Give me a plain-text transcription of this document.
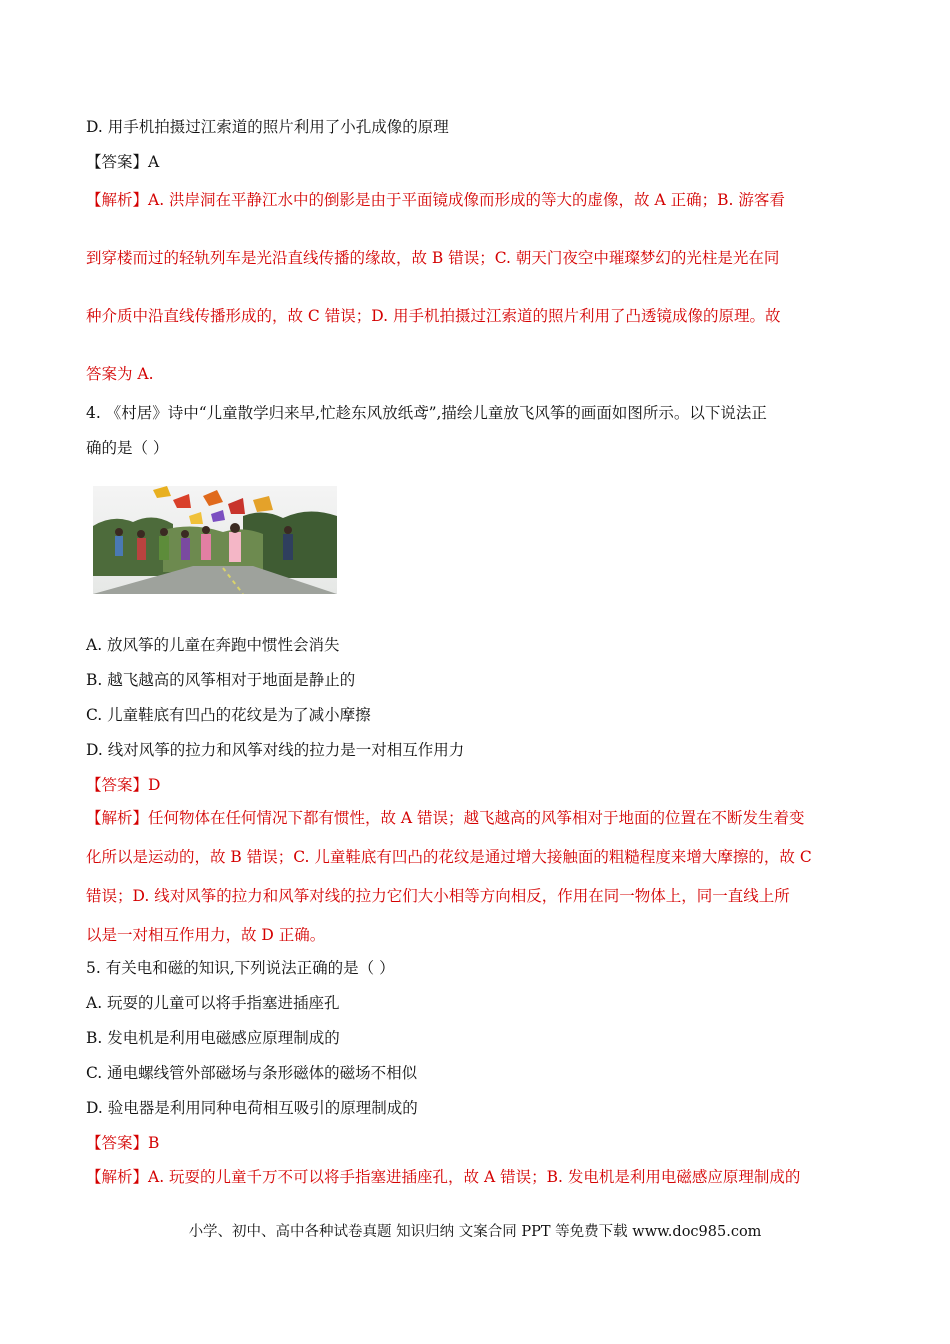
D. 用手机拍摄过江索道的照片利用了小孔成像的原理
【答案】A
【解析】A. 洪岸洞在平静江水中的倒影是由于平面镜成像而形成的等大的虚像，故 A 正确；B. 游客看
到穿楼而过的轻轨列车是光沿直线传播的缘故，故 B 错误；C. 朝天门夜空中璀璨梦幻的光柱是光在同
种介质中沿直线传播形成的，故 C 错误；D. 用手机拍摄过江索道的照片利用了凸透镜成像的原理。故
答案为 A.
4. 《村居》诗中“儿童散学归来早,忙趁东风放纸鸢”,描绘儿童放飞风筝的画面如图所示。以下说法正
确的是（ ）
A. 放风筝的儿童在奔跑中惯性会消失
B. 越飞越高的风筝相对于地面是静止的
C. 儿童鞋底有凹凸的花纹是为了减小摩擦
D. 线对风筝的拉力和风筝对线的拉力是一对相互作用力
【答案】D
【解析】任何物体在任何情况下都有惯性，故 A 错误；越飞越高的风筝相对于地面的位置在不断发生着变
化所以是运动的，故 B 错误；C. 儿童鞋底有凹凸的花纹是通过增大接触面的粗糙程度来增大摩擦的，故 C
错误；D. 线对风筝的拉力和风筝对线的拉力它们大小相等方向相反，作用在同一物体上，同一直线上所
以是一对相互作用力，故 D 正确。
5. 有关电和磁的知识,下列说法正确的是（ ）
A. 玩耍的儿童可以将手指塞进插座孔
B. 发电机是利用电磁感应原理制成的
C. 通电螺线管外部磁场与条形磁体的磁场不相似
D. 验电器是利用同种电荷相互吸引的原理制成的
【答案】B
【解析】A. 玩耍的儿童千万不可以将手指塞进插座孔，故 A 错误；B. 发电机是利用电磁感应原理制成的
小学、初中、高中各种试卷真题 知识归纳 文案合同 PPT 等免费下载 www.doc985.com
